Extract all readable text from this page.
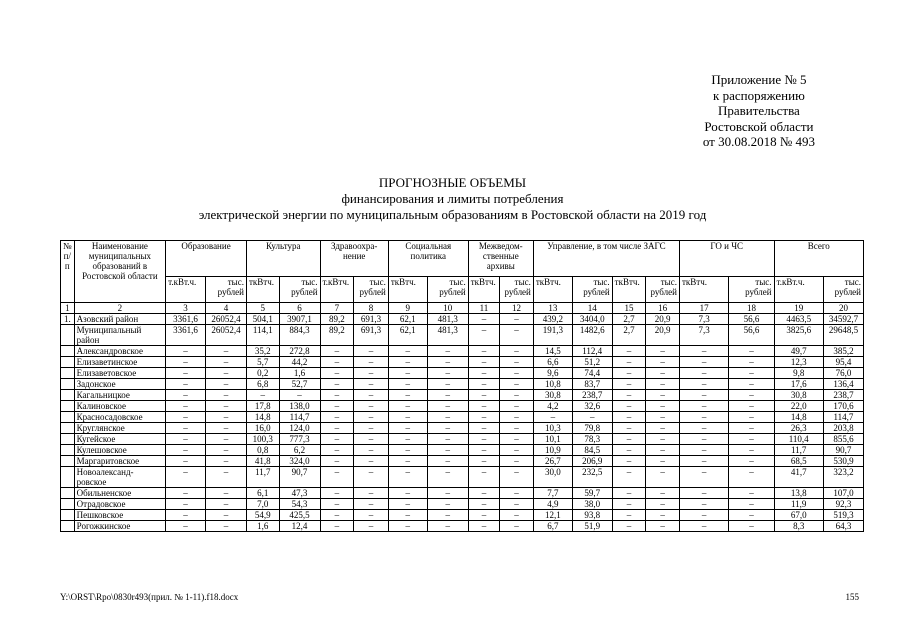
Приложение № 5
к распоряжению
Правительства
Ростовской области
от 30.08.2018 № 493
ПРОГНОЗНЫЕ ОБЪЕМЫ
финансирования и лимиты потребления
электрической энергии по муниципальным образованиям в Ростовской области на 2019 год
№ п/п	Наименование муниципальных образований в Ростовской области	Образование		Культура		Здравоохра-нение		Социальная политика		Межведом-ственные архивы		Управление, в том числе ЗАГС				ГО и ЧС		Всего	
		т.кВт.ч.	тыс. рублей	ткВтч.	тыс. рублей	т.кВтч.	тыс. рублей	ткВтч.	тыс. рублей	ткВтч.	тыс. рублей	ткВтч.	тыс. рублей	ткВтч.	тыс. рублей	ткВтч.	тыс. рублей	т.кВт.ч.	тыс. рублей
1	2	3	4	5	6	7	8	9	10	11	12	13	14	15	16	17	18	19	20
1.	Азовский район	3361,6	26052,4	504,1	3907,1	89,2	691,3	62,1	481,3	–	–	439,2	3404,0	2,7	20,9	7,3	56,6	4463,5	34592,7
	Муниципальный район	3361,6	26052,4	114,1	884,3	89,2	691,3	62,1	481,3	–	–	191,3	1482,6	2,7	20,9	7,3	56,6	3825,6	29648,5
	Александровское	–	–	35,2	272,8	–	–	–	–	–	–	14,5	112,4	–	–	–	–	49,7	385,2
	Елизаветинское	–	–	5,7	44,2	–	–	–	–	–	–	6,6	51,2	–	–	–	–	12,3	95,4
	Елизаветовское	–	–	0,2	1,6	–	–	–	–	–	–	9,6	74,4	–	–	–	–	9,8	76,0
	Задонское	–	–	6,8	52,7	–	–	–	–	–	–	10,8	83,7	–	–	–	–	17,6	136,4
	Кагальницкое	–	–	–	–	–	–	–	–	–	–	30,8	238,7	–	–	–	–	30,8	238,7
	Калиновское	–	–	17,8	138,0	–	–	–	–	–	–	4,2	32,6	–	–	–	–	22,0	170,6
	Красносадовское	–	–	14,8	114,7	–	–	–	–	–	–	–	–	–	–	–	–	14,8	114,7
	Круглянское	–	–	16,0	124,0	–	–	–	–	–	–	10,3	79,8	–	–	–	–	26,3	203,8
	Кугейское	–	–	100,3	777,3	–	–	–	–	–	–	10,1	78,3	–	–	–	–	110,4	855,6
	Кулешовское	–	–	0,8	6,2	–	–	–	–	–	–	10,9	84,5	–	–	–	–	11,7	90,7
	Маргаритовское	–	–	41,8	324,0	–	–	–	–	–	–	26,7	206,9	–	–	–	–	68,5	530,9
	Новоалександ-ровское	–	–	11,7	90,7	–	–	–	–	–	–	30,0	232,5	–	–	–	–	41,7	323,2
	Обильненское	–	–	6,1	47,3	–	–	–	–	–	–	7,7	59,7	–	–	–	–	13,8	107,0
	Отрадовское	–	–	7,0	54,3	–	–	–	–	–	–	4,9	38,0	–	–	–	–	11,9	92,3
	Пешковское	–	–	54,9	425,5	–	–	–	–	–	–	12,1	93,8	–	–	–	–	67,0	519,3
	Рогожкинское	–	–	1,6	12,4	–	–	–	–	–	–	6,7	51,9	–	–	–	–	8,3	64,3
Y:\ORST\Rpo\0830r493(прил. № 1-11).f18.docx	155
